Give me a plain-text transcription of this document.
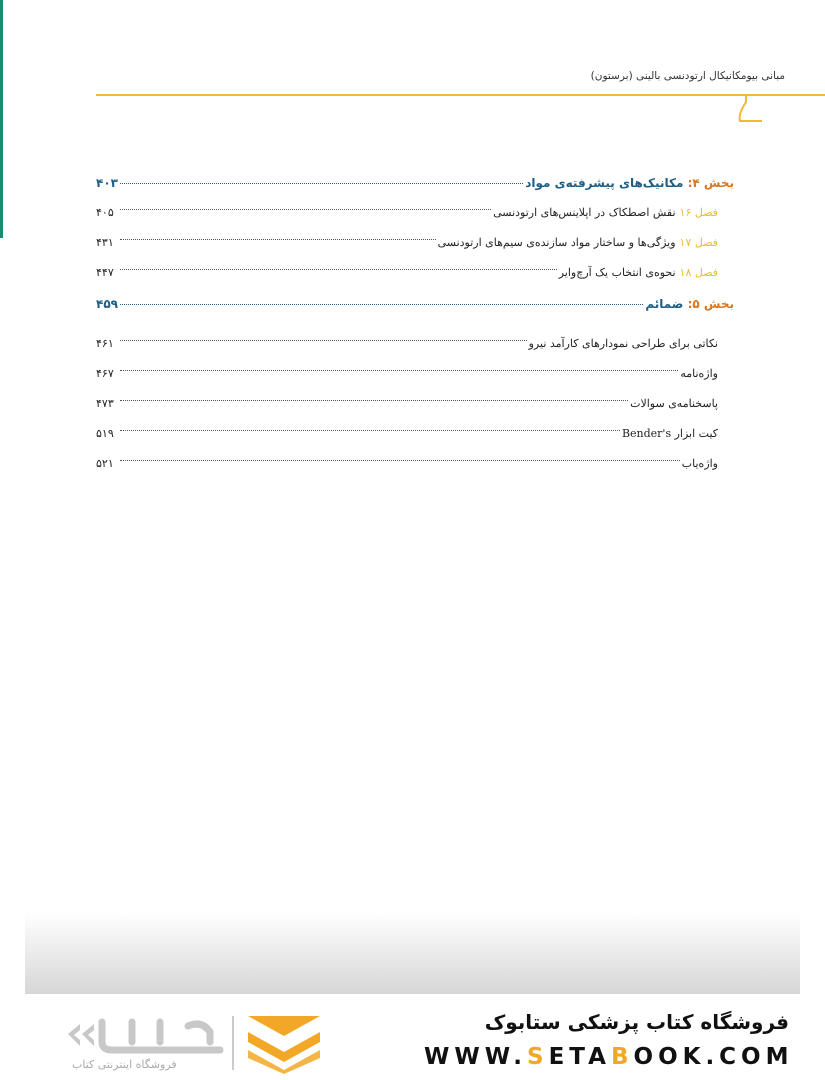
مبانی بیومکانیکال ارتودنسی بالینی (برستون)
بخش ۴: مکانیک‌های پیشرفته‌ی مواد
۴۰۳
فصل ۱۶
نقش اصطکاک در اپلاینس‌های ارتودنسی
۴۰۵
فصل ۱۷
ویژگی‌ها و ساختار مواد سازنده‌ی سیم‌های ارتودنسی
۴۳۱
فصل ۱۸
نحوه‌ی انتخاب یک آرچ‌وایر
۴۴۷
بخش ۵: ضمائم
۴۵۹
نکاتی برای طراحی نمودارهای کارآمد نیرو
۴۶۱
واژه‌نامه
۴۶۷
پاسخنامه‌ی سوالات
۴۷۳
کیت ابزار Bender's
۵۱۹
واژه‌یاب
۵۲۱
فروشگاه کتاب پزشکی ستابوک
WWW.SETABOOK.COM
فروشگاه اینترنتی کتاب
